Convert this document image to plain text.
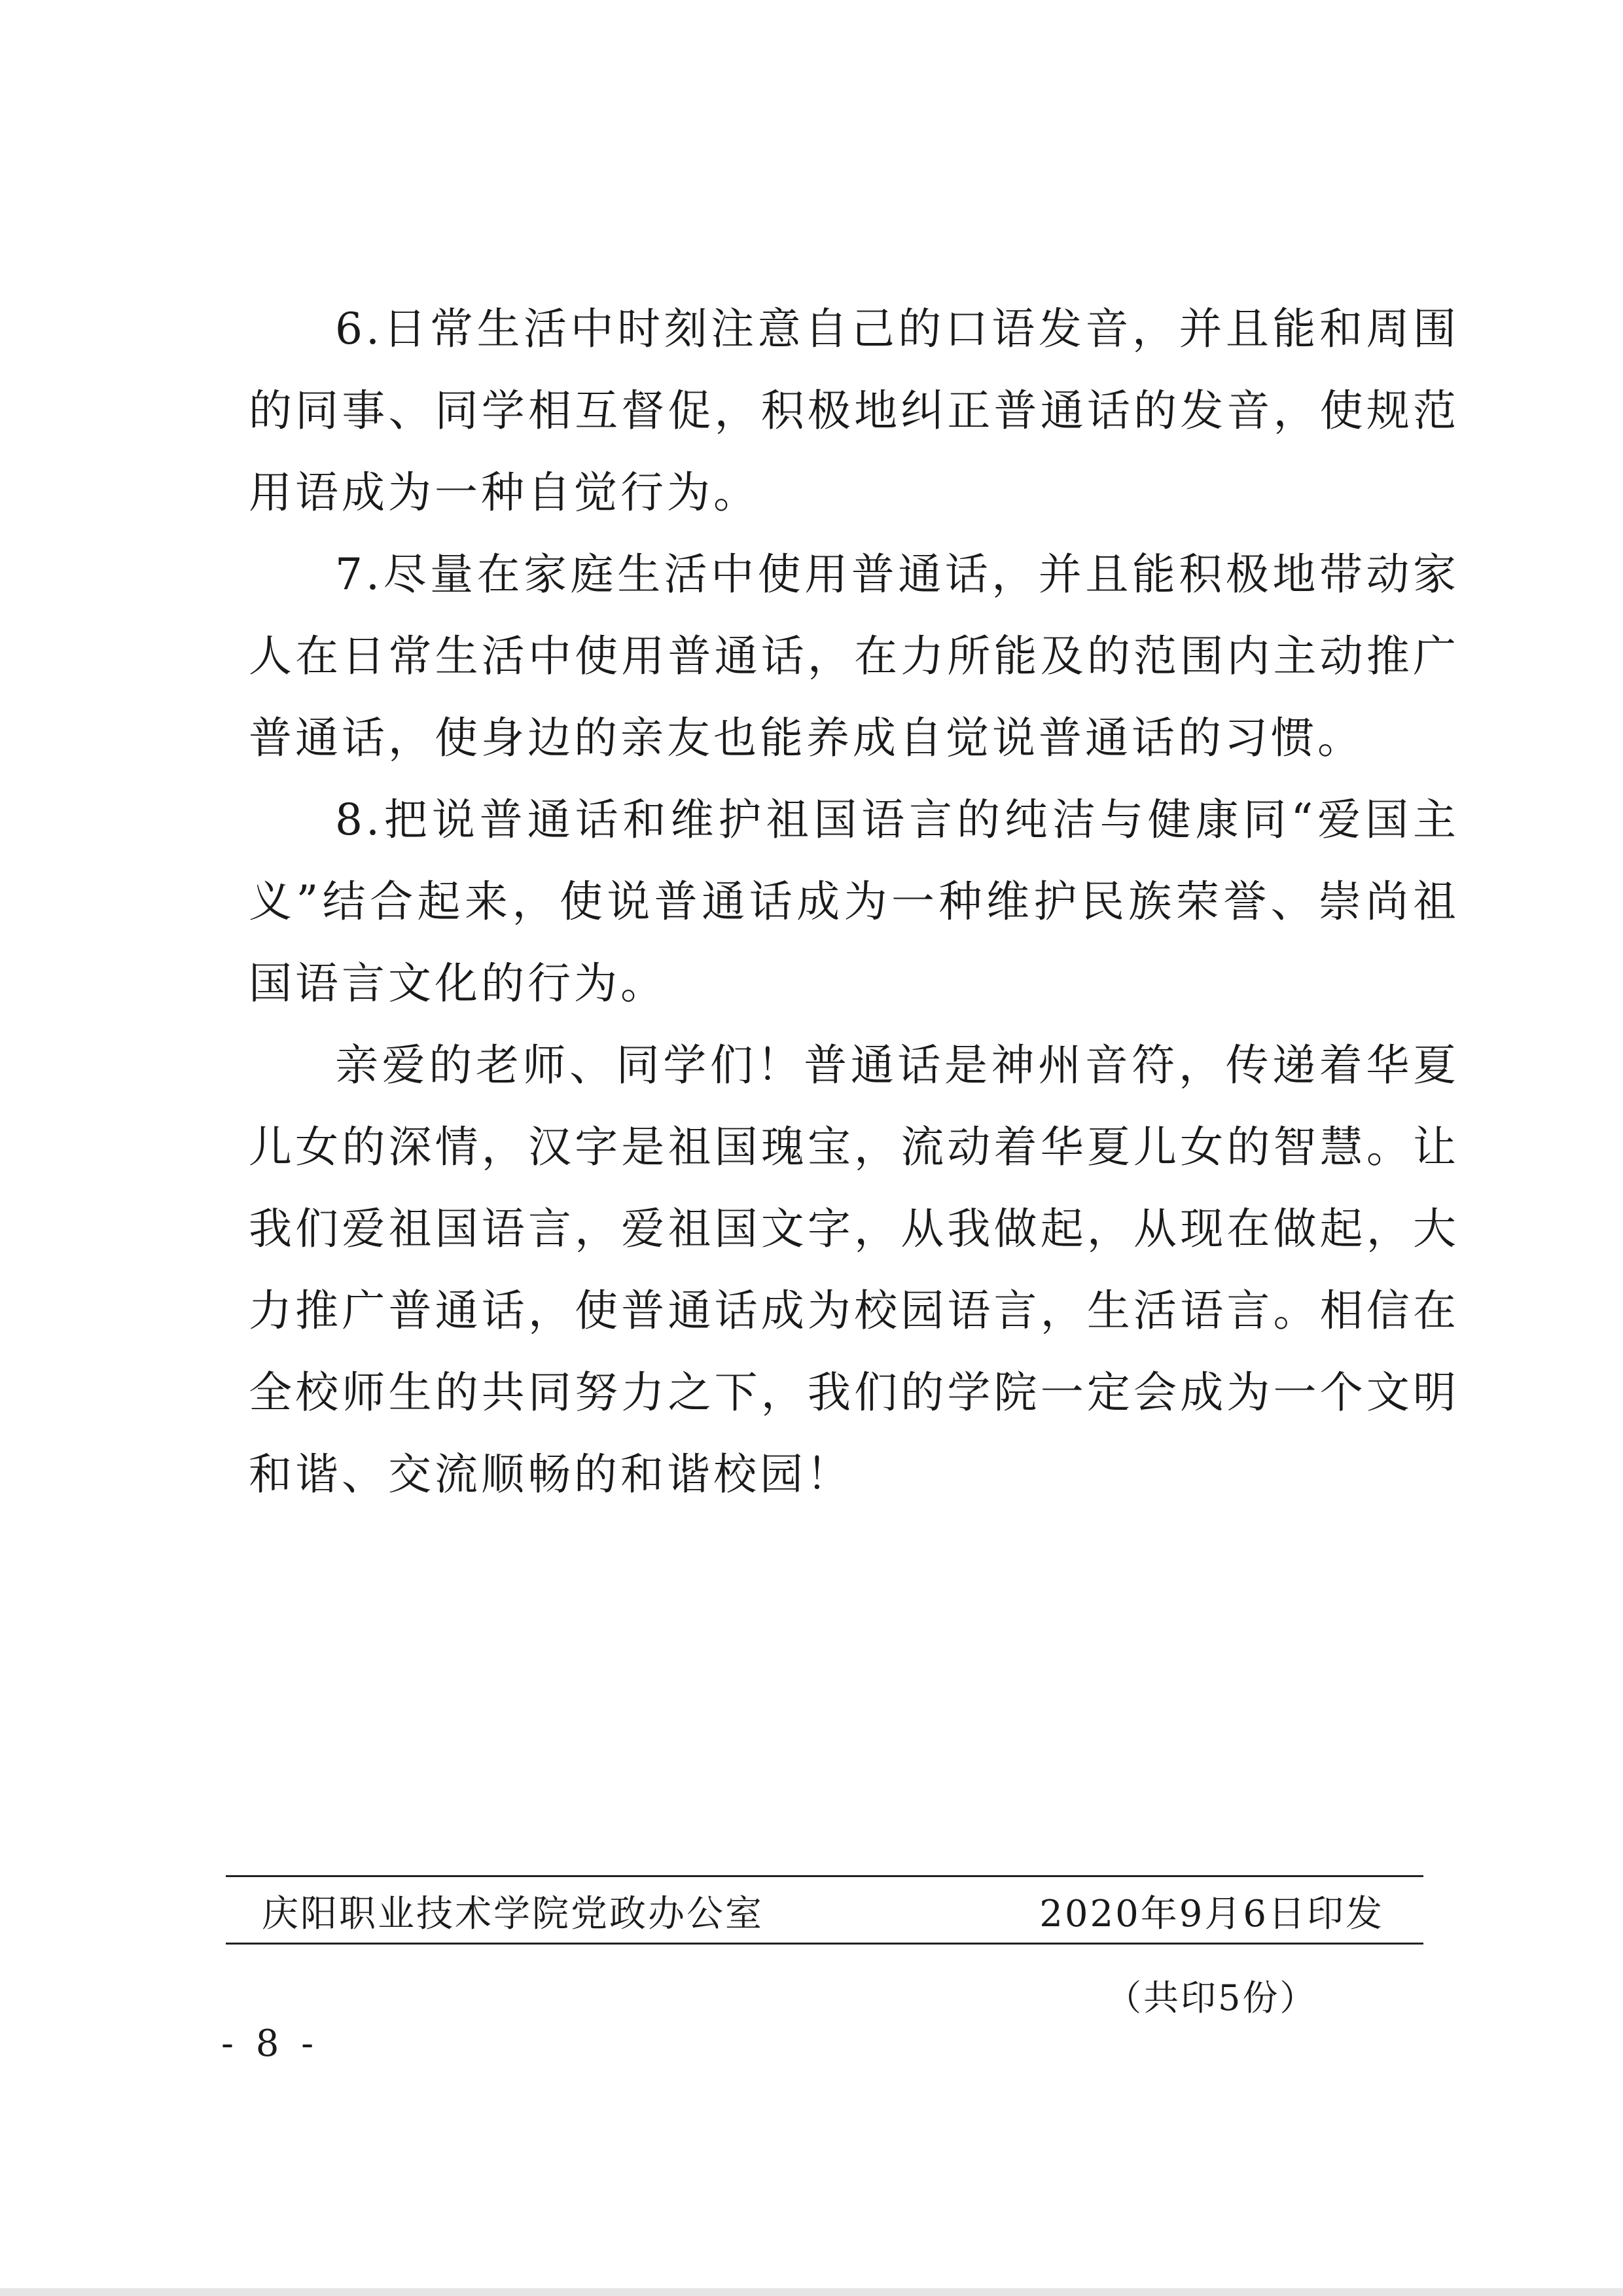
6.日常生活中时刻注意自己的口语发音，并且能和周围的同事、同学相互督促，积极地纠正普通话的发音，使规范用语成为一种自觉行为。

7.尽量在家庭生活中使用普通话，并且能积极地带动家人在日常生活中使用普通话，在力所能及的范围内主动推广普通话，使身边的亲友也能养成自觉说普通话的习惯。

8.把说普通话和维护祖国语言的纯洁与健康同“爱国主义”结合起来，使说普通话成为一种维护民族荣誉、崇尚祖国语言文化的行为。

亲爱的老师、同学们！普通话是神州音符，传递着华夏儿女的深情，汉字是祖国瑰宝，流动着华夏儿女的智慧。让我们爱祖国语言，爱祖国文字，从我做起，从现在做起，大力推广普通话，使普通话成为校园语言，生活语言。相信在全校师生的共同努力之下，我们的学院一定会成为一个文明和谐、交流顺畅的和谐校园！

庆阳职业技术学院党政办公室	2020年9月6日印发
（共印5份）
- 8 -
